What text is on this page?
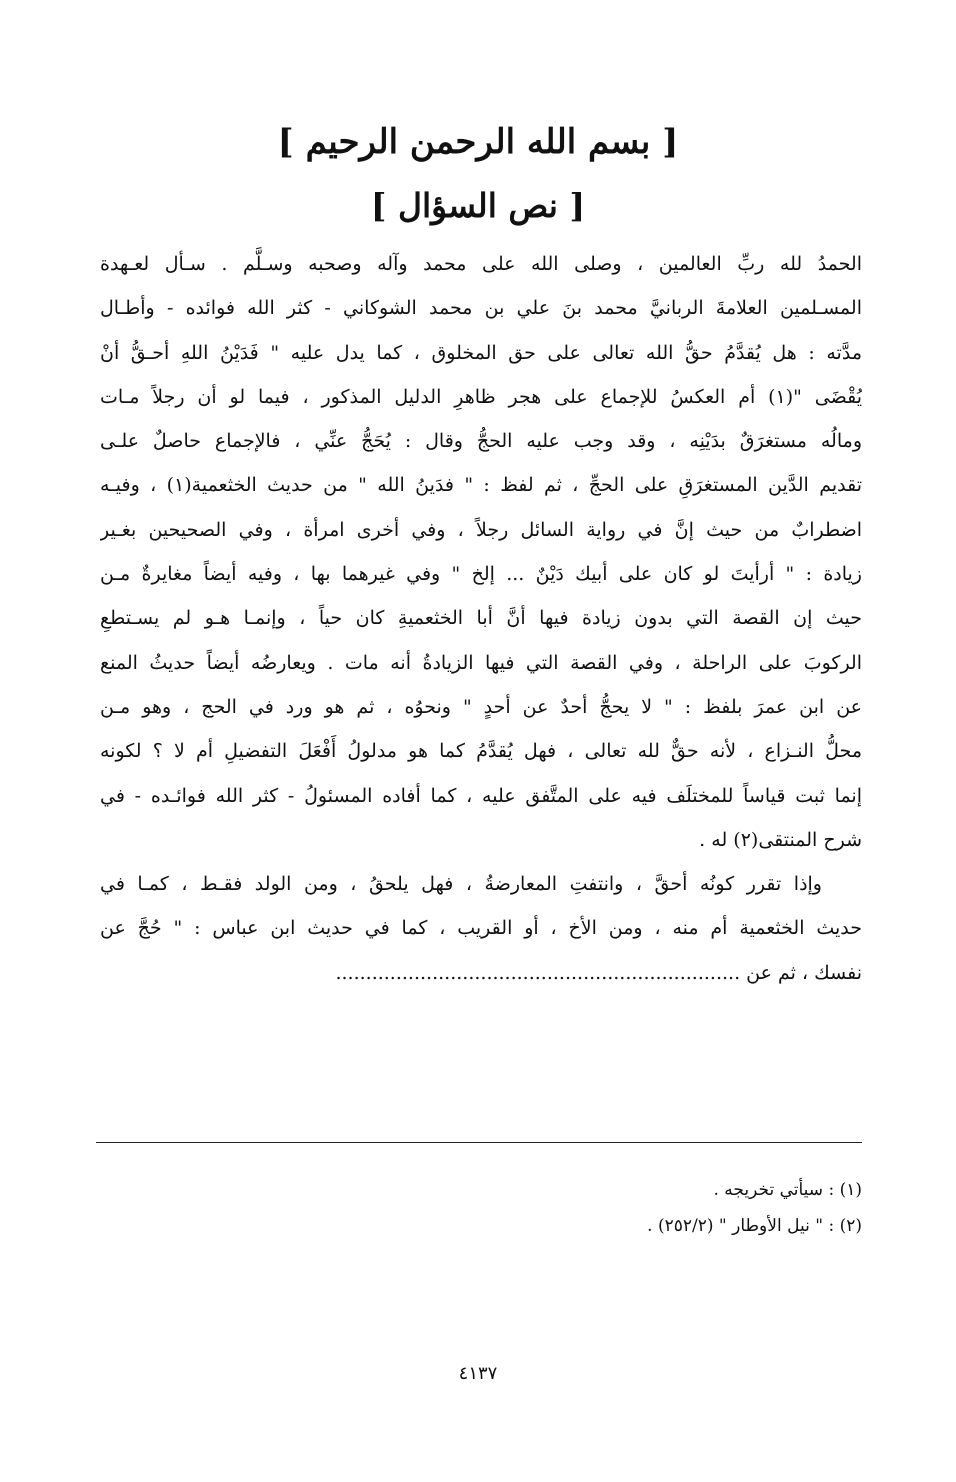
[ بسم الله الرحمن الرحيم ]
[ نص السؤال ]
الحمدُ لله ربِّ العالمين ، وصلى الله على محمد وآله وصحبه وسـلَّم . سـأل لعـهدة
المسـلمين العلامةَ الربانيَّ محمد بنَ علي بن محمد الشوكاني - كثر الله فوائده - وأطـال
مدَّته : هل يُقدَّمُ حقُّ الله تعالى على حق المخلوق ، كما يدل عليه " فَدَيْنُ اللهِ أحـقُّ أنْ
يُقْضَى "(١) أم العكسُ للإجماع على هجر ظاهرِ الدليل المذكور ، فيما لو أن رجلاً مـات
ومالُه مستغرَقٌ بدَيْنِه ، وقد وجب عليه الحجُّ وقال : يُحَجُّ عنِّي ، فالإجماع حاصلٌ علـى
تقديم الدَّين المستغرَقِ على الحجِّ ، ثم لفظ : " فدَينُ الله " من حديث الخثعمية(١) ، وفيـه
اضطرابٌ من حيث إنَّ في رواية السائل رجلاً ، وفي أخرى امرأة ، وفي الصحيحين بغـير
زيادة : " أرأيتَ لو كان على أبيك دَيْنٌ ... إلخ " وفي غيرهما بها ، وفيه أيضاً مغايرةٌ مـن
حيث إن القصة التي بدون زيادة فيها أنَّ أبا الخثعميةِ كان حياً ، وإنمـا هـو لم يسـتطعِ
الركوبَ على الراحلة ، وفي القصة التي فيها الزيادةُ أنه مات . ويعارضُه أيضاً حديثُ المنع
عن ابن عمرَ بلفظ : " لا يحجُّ أحدٌ عن أحدٍ " ونحوُه ، ثم هو ورد في الحج ، وهو مـن
محلُّ النـزاع ، لأنه حقٌّ لله تعالى ، فهل يُقدَّمُ كما هو مدلولُ أَفْعَلَ التفضيلِ أم لا ؟ لكونه
إنما ثبت قياساً للمختلَف فيه على المتَّفق عليه ، كما أفاده المسئولُ - كثر الله فوائـده - في
شرح المنتقى(٢) له .
وإذا تقرر كونُه أحقَّ ، وانتفتِ المعارضةُ ، فهل يلحقُ ، ومن الولد فقـط ، كمـا في
حديث الخثعمية أم منه ، ومن الأخ ، أو القريب ، كما في حديث ابن عباس : " حُجَّ عن
نفسك ، ثم عن ...................................................................
(١) : سيأتي تخريجه .
(٢) : " نيل الأوطار " (٢٥٢/٢) .
٤١٣٧
